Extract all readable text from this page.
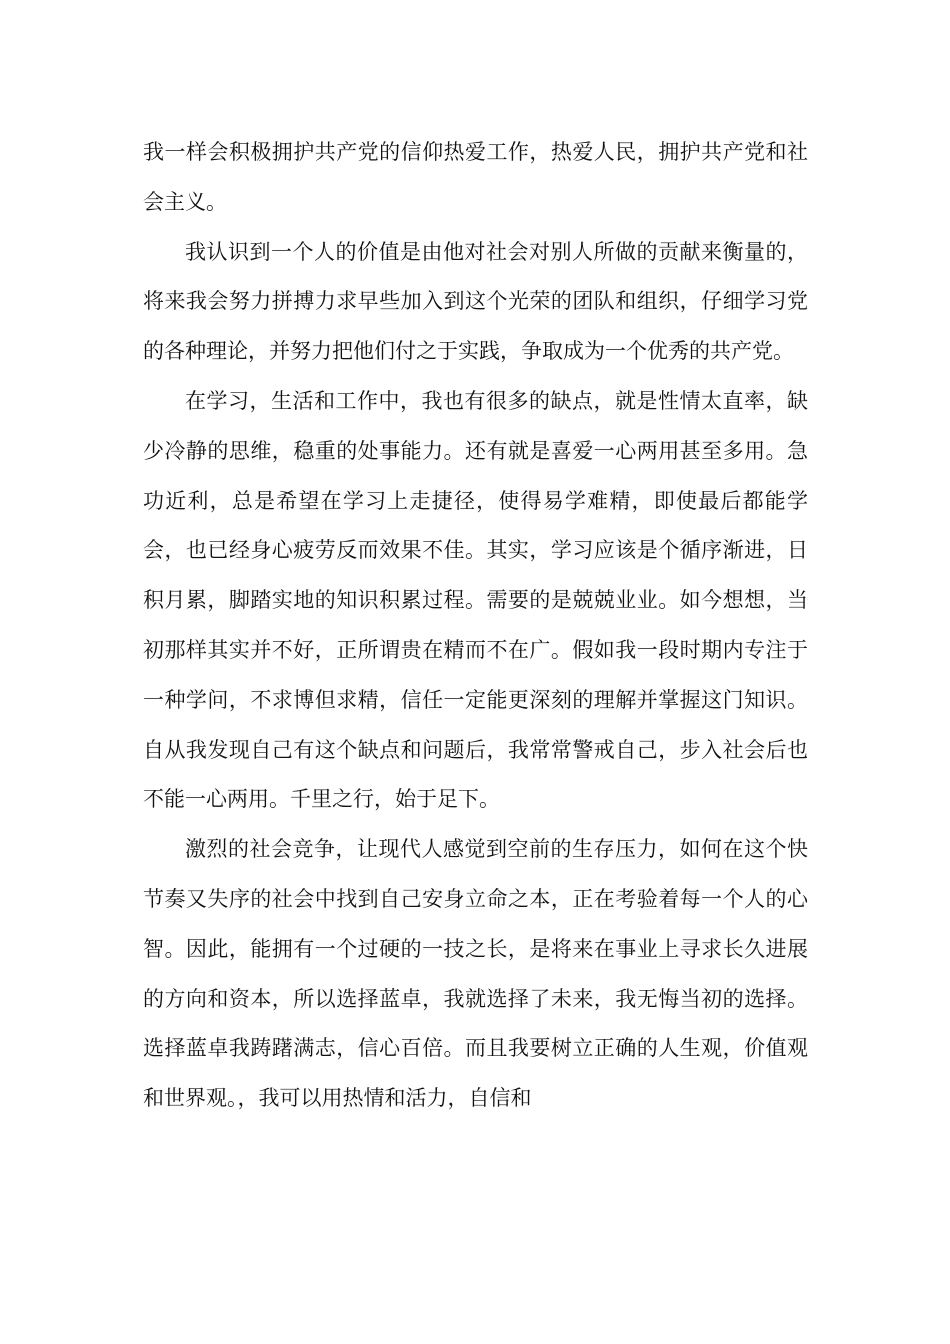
我一样会积极拥护共产党的信仰热爱工作，热爱人民，拥护共产党和社会主义。

我认识到一个人的价值是由他对社会对别人所做的贡献来衡量的，将来我会努力拼搏力求早些加入到这个光荣的团队和组织，仔细学习党的各种理论，并努力把他们付之于实践，争取成为一个优秀的共产党。

在学习，生活和工作中，我也有很多的缺点，就是性情太直率，缺少冷静的思维，稳重的处事能力。还有就是喜爱一心两用甚至多用。急功近利，总是希望在学习上走捷径，使得易学难精，即使最后都能学会，也已经身心疲劳反而效果不佳。其实，学习应该是个循序渐进，日积月累，脚踏实地的知识积累过程。需要的是兢兢业业。如今想想，当初那样其实并不好，正所谓贵在精而不在广。假如我一段时期内专注于一种学问，不求博但求精，信任一定能更深刻的理解并掌握这门知识。自从我发现自己有这个缺点和问题后，我常常警戒自己，步入社会后也不能一心两用。千里之行，始于足下。

激烈的社会竞争，让现代人感觉到空前的生存压力，如何在这个快节奏又失序的社会中找到自己安身立命之本，正在考验着每一个人的心智。因此，能拥有一个过硬的一技之长，是将来在事业上寻求长久进展的方向和资本，所以选择蓝卓，我就选择了未来，我无悔当初的选择。选择蓝卓我踌躇满志，信心百倍。而且我要树立正确的人生观，价值观和世界观。，我可以用热情和活力，自信和
